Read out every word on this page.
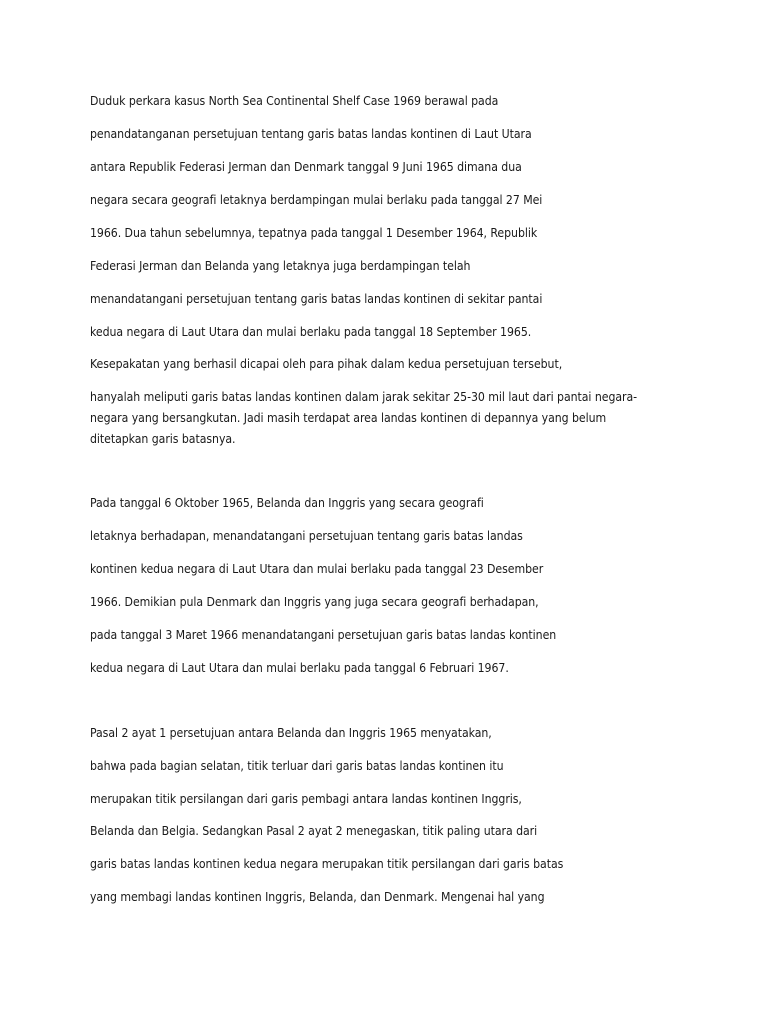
Duduk perkara kasus North Sea Continental Shelf Case 1969 berawal pada

penandatanganan persetujuan tentang garis batas landas kontinen di Laut Utara

antara Republik Federasi Jerman dan Denmark tanggal 9 Juni 1965 dimana dua

negara secara geografi letaknya berdampingan mulai berlaku pada tanggal 27 Mei

1966. Dua tahun sebelumnya, tepatnya pada tanggal 1 Desember 1964, Republik

Federasi Jerman dan Belanda yang letaknya juga berdampingan telah

menandatangani persetujuan tentang garis batas landas kontinen di sekitar pantai

kedua negara di Laut Utara dan mulai berlaku pada tanggal 18 September 1965.

Kesepakatan yang berhasil dicapai oleh para pihak dalam kedua persetujuan tersebut,

hanyalah meliputi garis batas landas kontinen dalam jarak sekitar 25-30 mil laut dari pantai negara-

negara yang bersangkutan. Jadi masih terdapat area landas kontinen di depannya yang belum

ditetapkan garis batasnya.

Pada tanggal 6 Oktober 1965, Belanda dan Inggris yang secara geografi

letaknya berhadapan, menandatangani persetujuan tentang garis batas landas

kontinen kedua negara di Laut Utara dan mulai berlaku pada tanggal 23 Desember

1966. Demikian pula Denmark dan Inggris yang juga secara geografi berhadapan,

pada tanggal 3 Maret 1966 menandatangani persetujuan garis batas landas kontinen

kedua negara di Laut Utara dan mulai berlaku pada tanggal 6 Februari 1967.

Pasal 2 ayat 1 persetujuan antara Belanda dan Inggris 1965 menyatakan,

bahwa pada bagian selatan, titik terluar dari garis batas landas kontinen itu

merupakan titik persilangan dari garis pembagi antara landas kontinen Inggris,

Belanda dan Belgia. Sedangkan Pasal 2 ayat 2 menegaskan, titik paling utara dari

garis batas landas kontinen kedua negara merupakan titik persilangan dari garis batas

yang membagi landas kontinen Inggris, Belanda, dan Denmark. Mengenai hal yang
